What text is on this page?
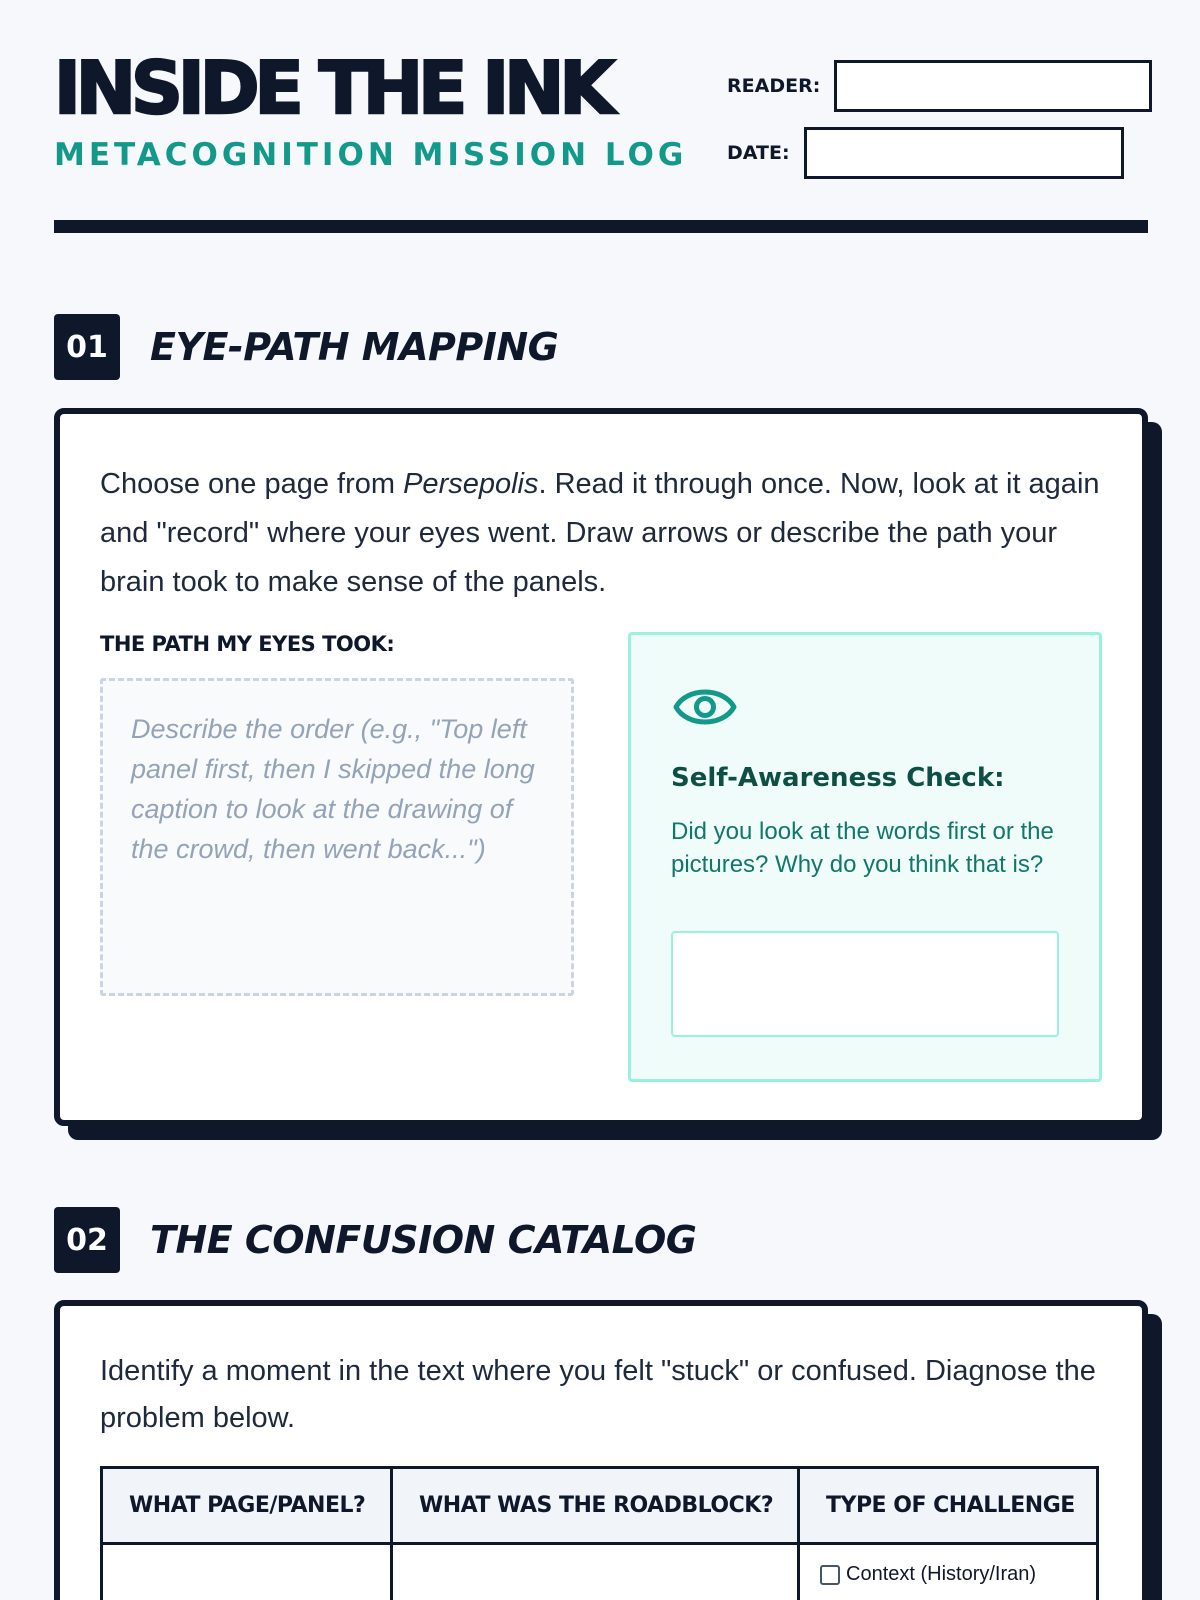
INSIDE THE INK
METACOGNITION MISSION LOG
READER:
DATE:
01	EYE-PATH MAPPING

Choose one page from Persepolis. Read it through once. Now, look at it again and "record" where your eyes went. Draw arrows or describe the path your brain took to make sense of the panels.

THE PATH MY EYES TOOK:
Describe the order (e.g., "Top left panel first, then I skipped the long caption to look at the drawing of the crowd, then went back...")
Self-Awareness Check:
Did you look at the words first or the pictures? Why do you think that is?
02	THE CONFUSION CATALOG

Identify a moment in the text where you felt "stuck" or confused. Diagnose the problem below.

WHAT PAGE/PANEL?	WHAT WAS THE ROADBLOCK?	TYPE OF CHALLENGE

		Context (History/Iran)
